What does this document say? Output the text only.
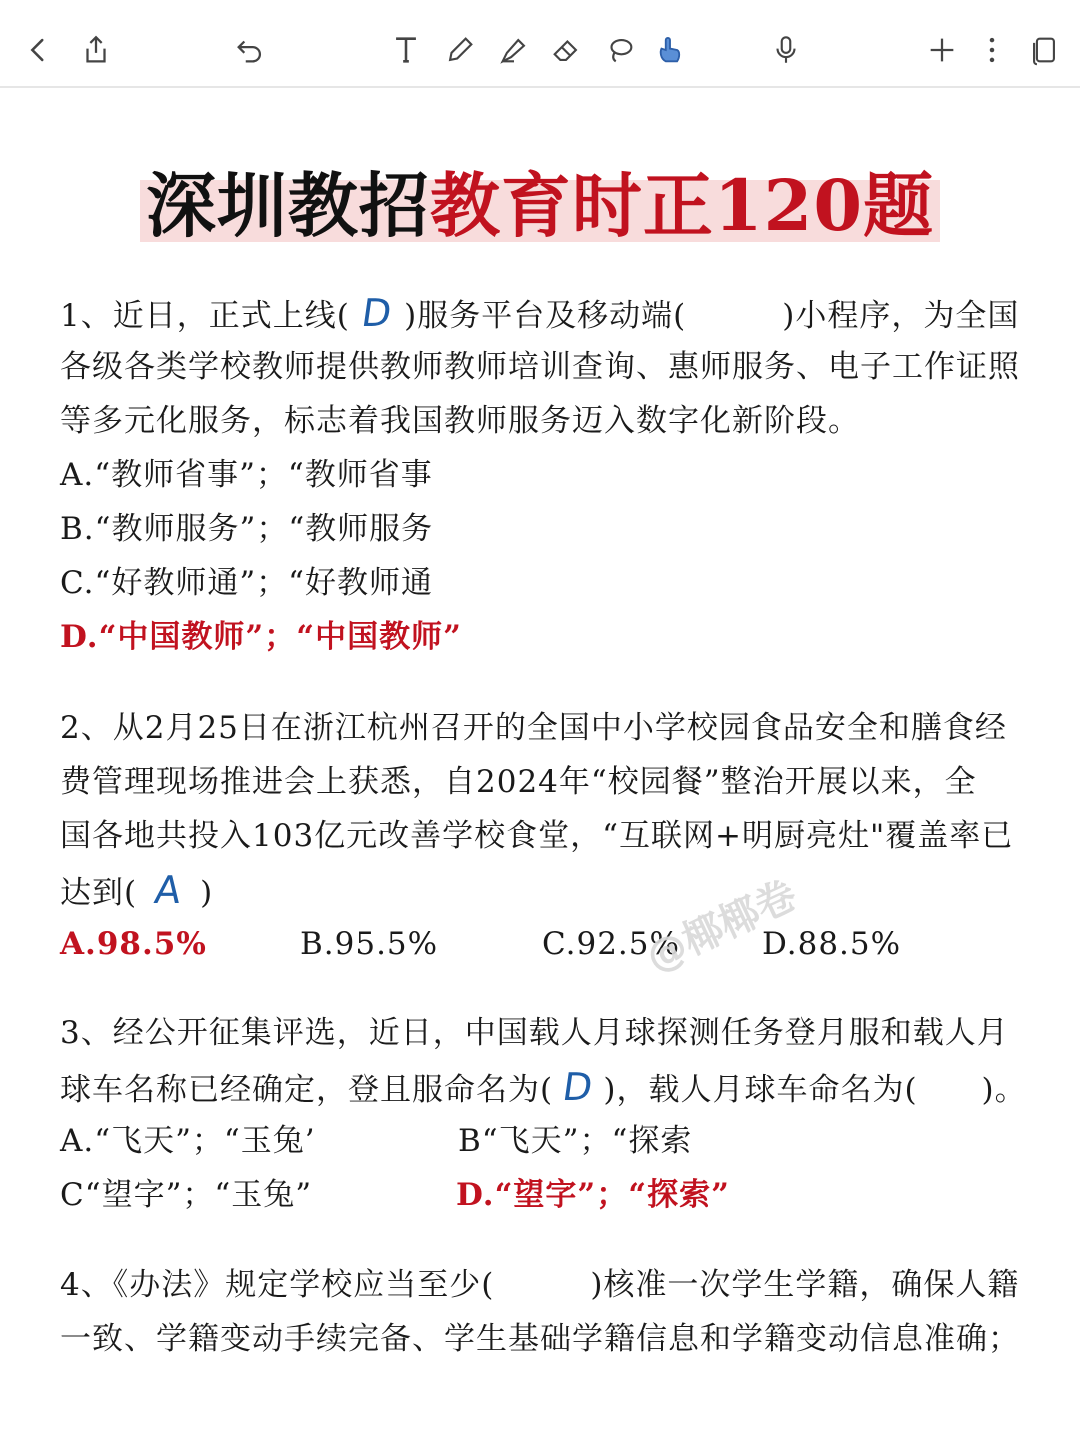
深圳教招教育时正120题
1、近日，正式上线( D )服务平台及移动端(　　　)小程序，为全国
各级各类学校教师提供教师教师培训查询、惠师服务、电子工作证照
等多元化服务，标志着我国教师服务迈入数字化新阶段。
A.“教师省事”；“教师省事
B.“教师服务”；“教师服务
C.“好教师通”；“好教师通
D.“中国教师”；“中国教师”
2、从2月25日在浙江杭州召开的全国中小学校园食品安全和膳食经
费管理现场推进会上获悉，自2024年“校园餐”整治开展以来，全
国各地共投入103亿元改善学校食堂，“互联网+明厨亮灶"覆盖率已
达到( A )
A.98.5%	B.95.5%	C.92.5%	D.88.5%
@椰椰卷
3、经公开征集评选，近日，中国载人月球探测任务登月服和载人月
球车名称已经确定，登且服命名为( D )，载人月球车命名为(　　)。
A.“飞天”；“玉兔’	B“飞天”；“探索
C“望字”；“玉兔”	D.“望字”；“探索”
4、《办法》规定学校应当至少(　　　)核准一次学生学籍，确保人籍
一致、学籍变动手续完备、学生基础学籍信息和学籍变动信息准确；
